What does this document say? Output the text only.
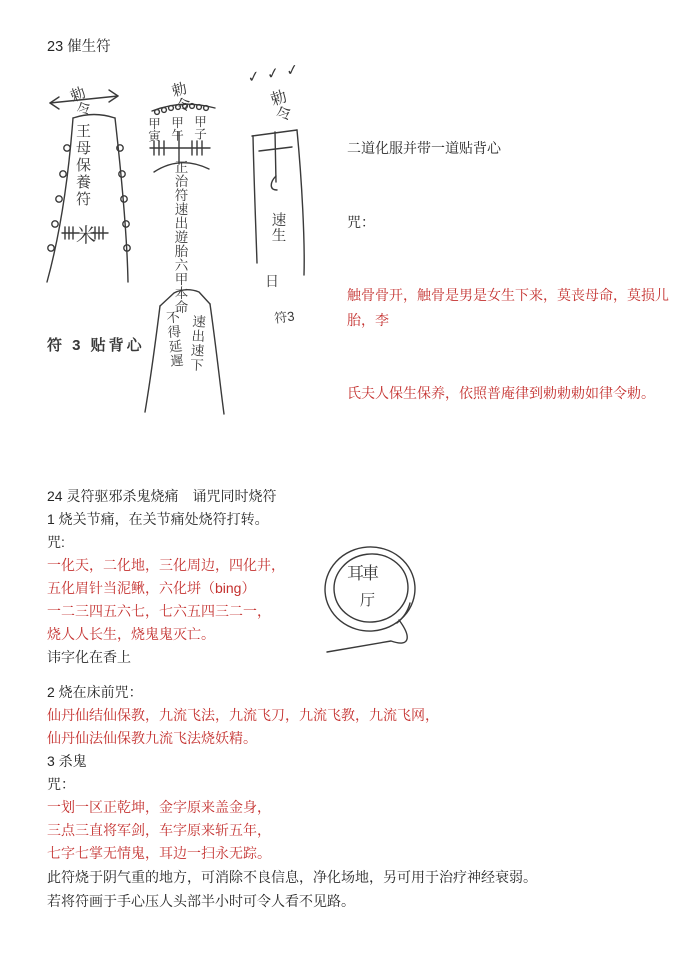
23 催生符
勅令
王母保養符
米
符 3 贴背心
勅令
甲寅 甲午 甲子
正治符速出遊胎六甲本命
速出速下
不得延遲
✓✓✓
勅令
速生
日
符3

二道化服并带一道贴背心

咒：

触骨骨开，触骨是男是女生下来，莫丧母命，莫损儿胎，李

氏夫人保生保养，依照普庵律到勅勅勅如律令勅。

24 灵符驱邪杀鬼烧痛　诵咒同时烧符
1 烧关节痛，在关节痛处烧符打转。
咒:
一化天，二化地，三化周边，四化井，
五化眉针当泥鳅，六化垪（bing）
一二三四五六七，七六五四三二一，
烧人人长生，烧鬼鬼灭亡。
讳字化在香上
2 烧在床前咒：
仙丹仙结仙保教，九流飞法，九流飞刀，九流飞教，九流飞网，
仙丹仙法仙保教九流飞法烧妖精。
3 杀鬼
咒：
一划一区正乾坤，金字原来盖金身，
三点三直将军剑，车字原来斩五年，
七字七掌无情鬼，耳边一扫永无踪。
耳車
厅
此符烧于阴气重的地方，可消除不良信息，净化场地，另可用于治疗神经衰弱。
若将符画于手心压人头部半小时可令人看不见路。
